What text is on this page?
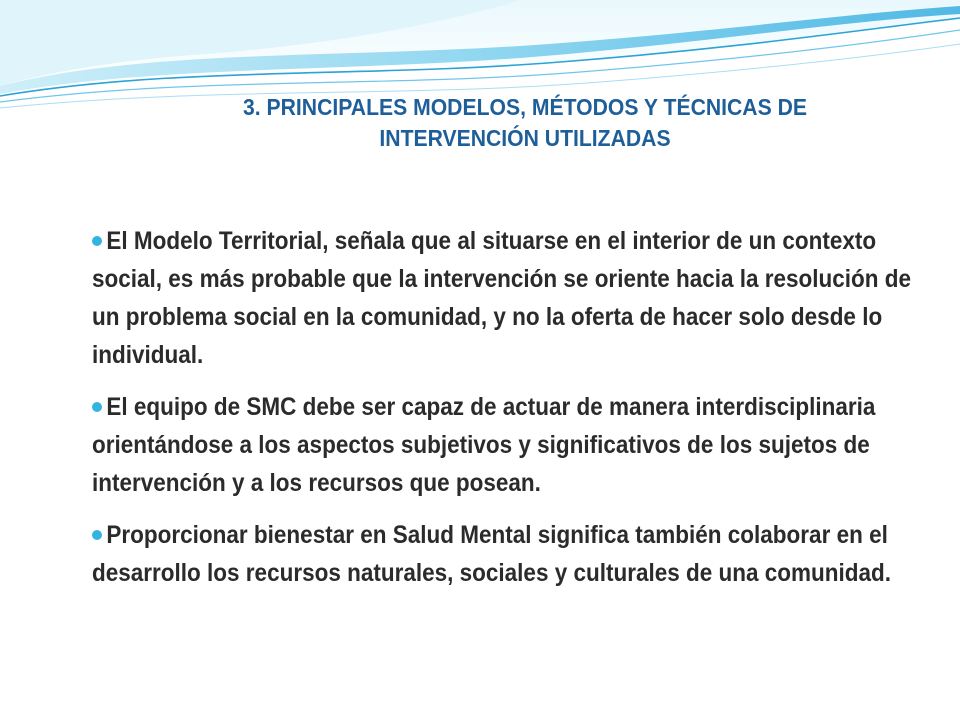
3. PRINCIPALES MODELOS, MÉTODOS Y TÉCNICAS DE
INTERVENCIÓN UTILIZADAS
El Modelo Territorial, señala que al situarse en el interior de un contexto social, es más probable que la intervención se oriente hacia la resolución de un problema social en la comunidad, y no la oferta de hacer solo desde lo individual.
El equipo de SMC debe ser capaz de actuar de manera interdisciplinaria orientándose a los aspectos subjetivos y significativos de los sujetos de intervención y a los recursos que posean.
Proporcionar bienestar en Salud Mental significa también colaborar en el desarrollo los recursos naturales, sociales y culturales de una comunidad.
